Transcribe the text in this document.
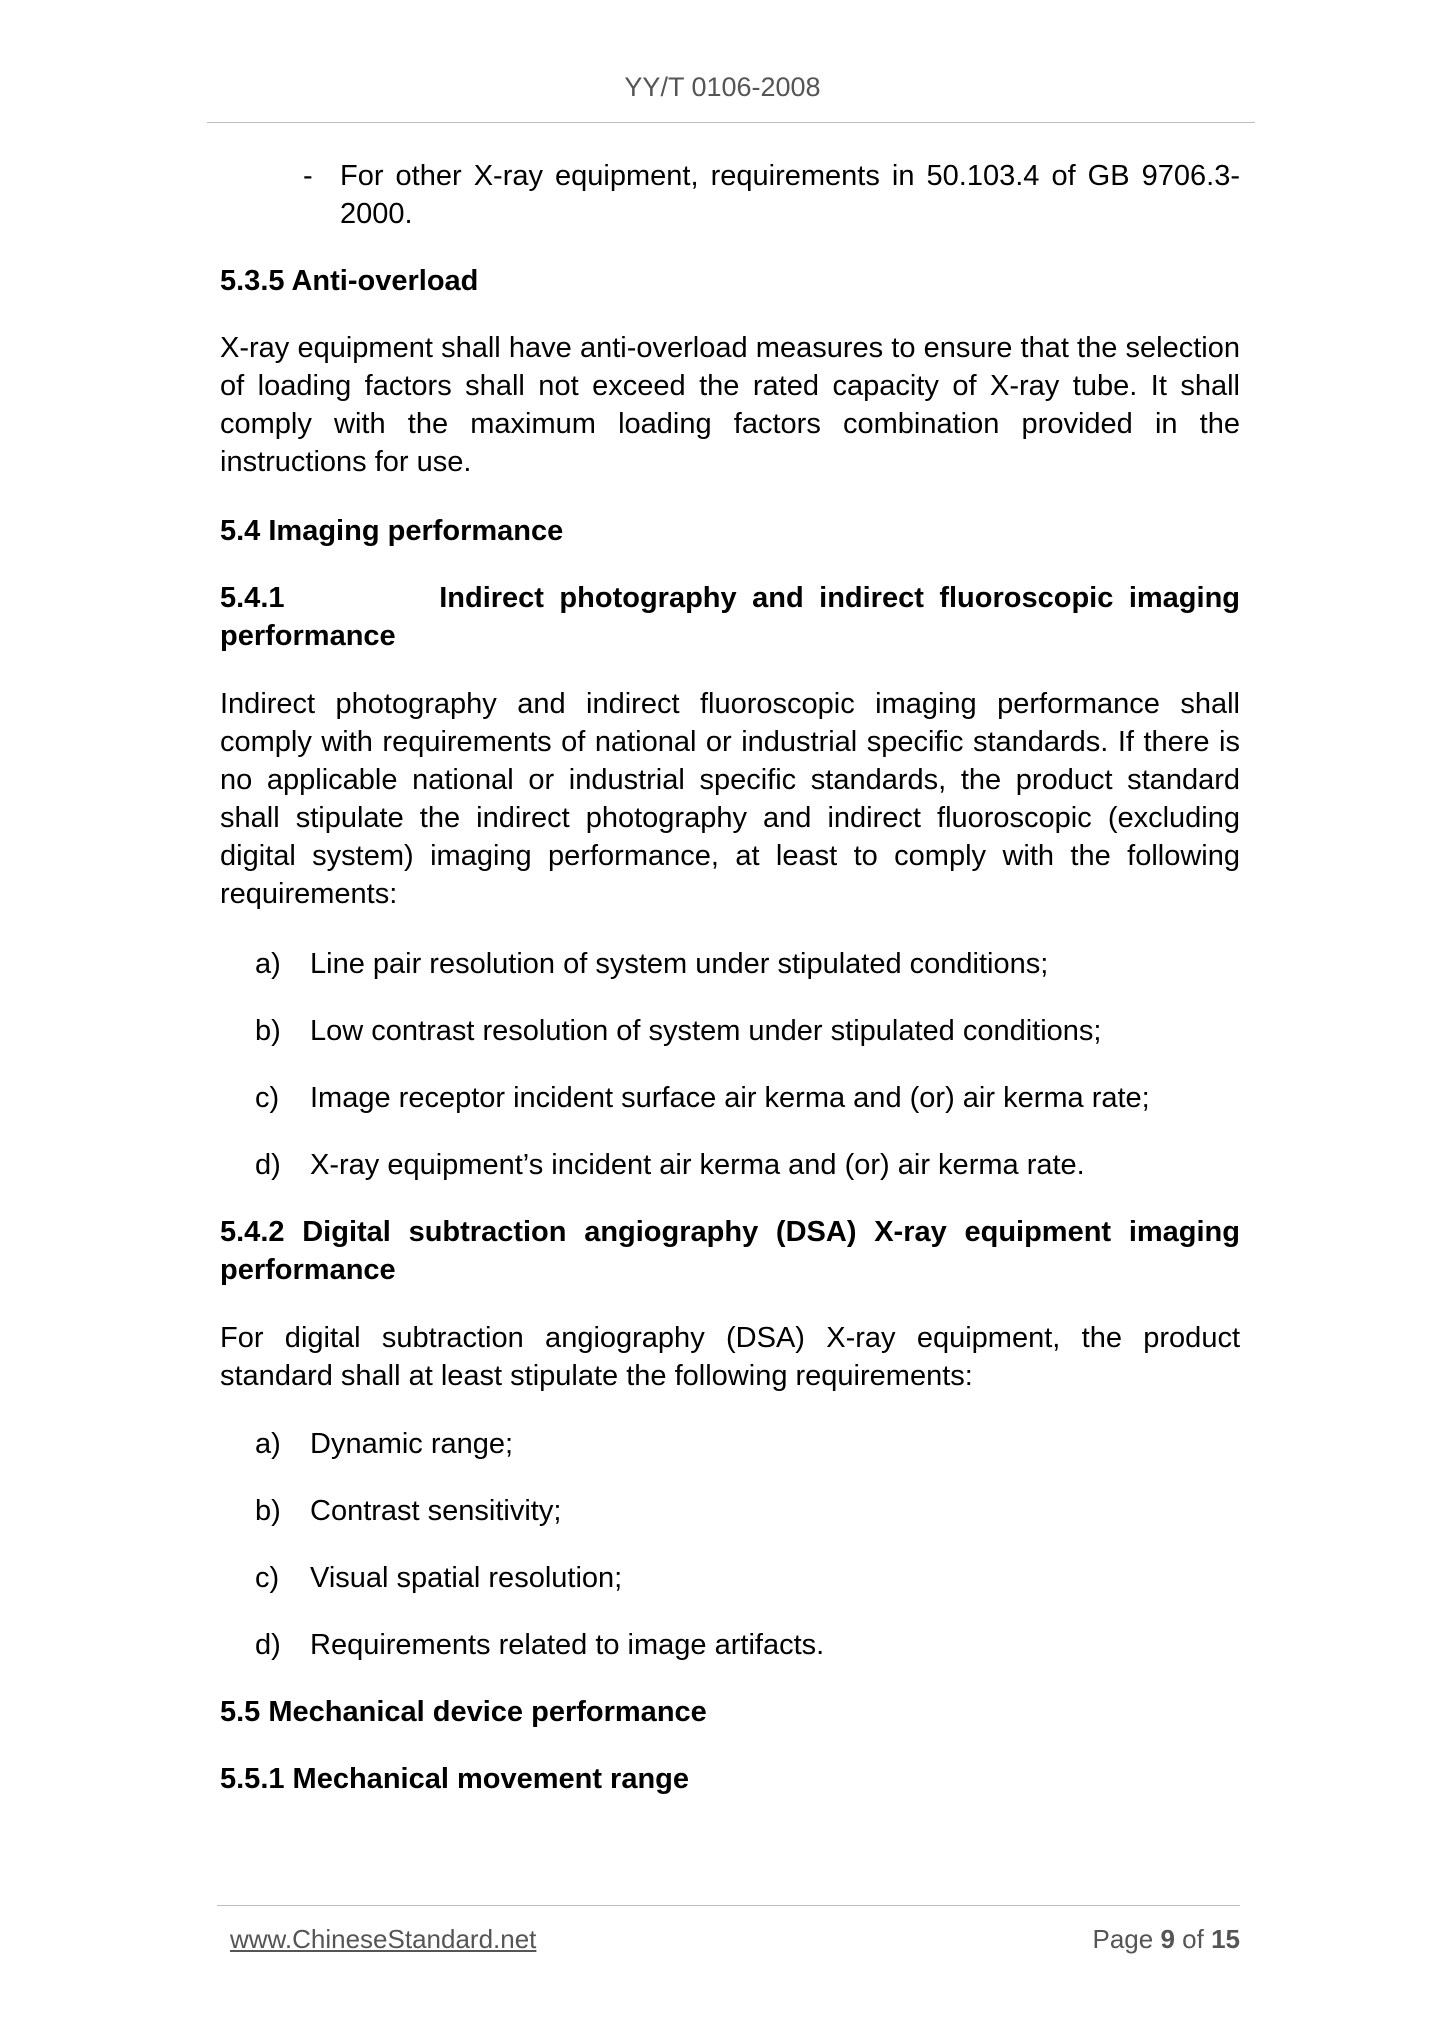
YY/T 0106-2008
- For other X-ray equipment, requirements in 50.103.4 of GB 9706.3-2000.
5.3.5 Anti-overload
X-ray equipment shall have anti-overload measures to ensure that the selection of loading factors shall not exceed the rated capacity of X-ray tube. It shall comply with the maximum loading factors combination provided in the instructions for use.
5.4 Imaging performance
5.4.1	Indirect photography and indirect fluoroscopic imaging performance
Indirect photography and indirect fluoroscopic imaging performance shall comply with requirements of national or industrial specific standards. If there is no applicable national or industrial specific standards, the product standard shall stipulate the indirect photography and indirect fluoroscopic (excluding digital system) imaging performance, at least to comply with the following requirements:
a) Line pair resolution of system under stipulated conditions;
b) Low contrast resolution of system under stipulated conditions;
c) Image receptor incident surface air kerma and (or) air kerma rate;
d) X-ray equipment’s incident air kerma and (or) air kerma rate.
5.4.2 Digital subtraction angiography (DSA) X-ray equipment imaging performance
For digital subtraction angiography (DSA) X-ray equipment, the product standard shall at least stipulate the following requirements:
a) Dynamic range;
b) Contrast sensitivity;
c) Visual spatial resolution;
d) Requirements related to image artifacts.
5.5 Mechanical device performance
5.5.1 Mechanical movement range
www.ChineseStandard.net	Page 9 of 15
